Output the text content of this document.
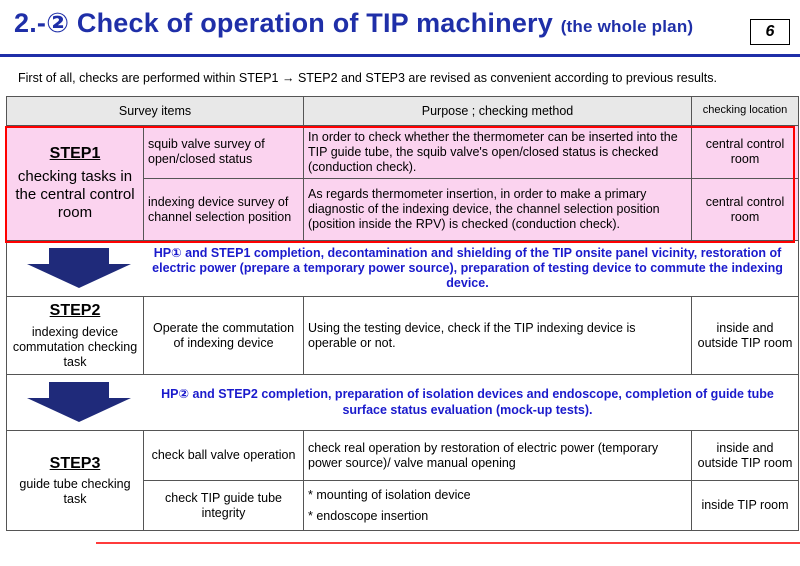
2.-② Check of operation of TIP machinery (the whole plan)	6
First of all, checks are performed within STEP1 → STEP2 and STEP3 are revised as convenient according to previous results.
Survey items		Purpose ; checking method	checking location

STEP1
checking tasks in the central control room	squib valve survey of open/closed status	In order to check whether the thermometer can be inserted into the TIP guide tube, the squib valve's open/closed status is checked (conduction check).	central control room
	indexing device survey of channel selection position	As regards thermometer insertion, in order to make a primary diagnostic of the indexing device, the channel selection position (position inside the RPV) is checked (conduction check).	central control room

HP① and STEP1 completion, decontamination and shielding of the TIP onsite panel vicinity, restoration of electric power (prepare a temporary power source), preparation of testing device to commute the indexing device.			

STEP2
indexing device commutation checking task	Operate the commutation of indexing device	Using the testing device, check if the TIP indexing device is operable or not.	inside and outside TIP room

HP② and STEP2 completion, preparation of isolation devices and endoscope, completion of guide tube surface status evaluation (mock-up tests).			

STEP3
guide tube checking task	check ball valve operation	check real operation by restoration of electric power (temporary power source)/ valve manual opening	inside and outside TIP room
	check TIP guide tube integrity	* mounting of isolation device
* endoscope insertion	inside TIP room
